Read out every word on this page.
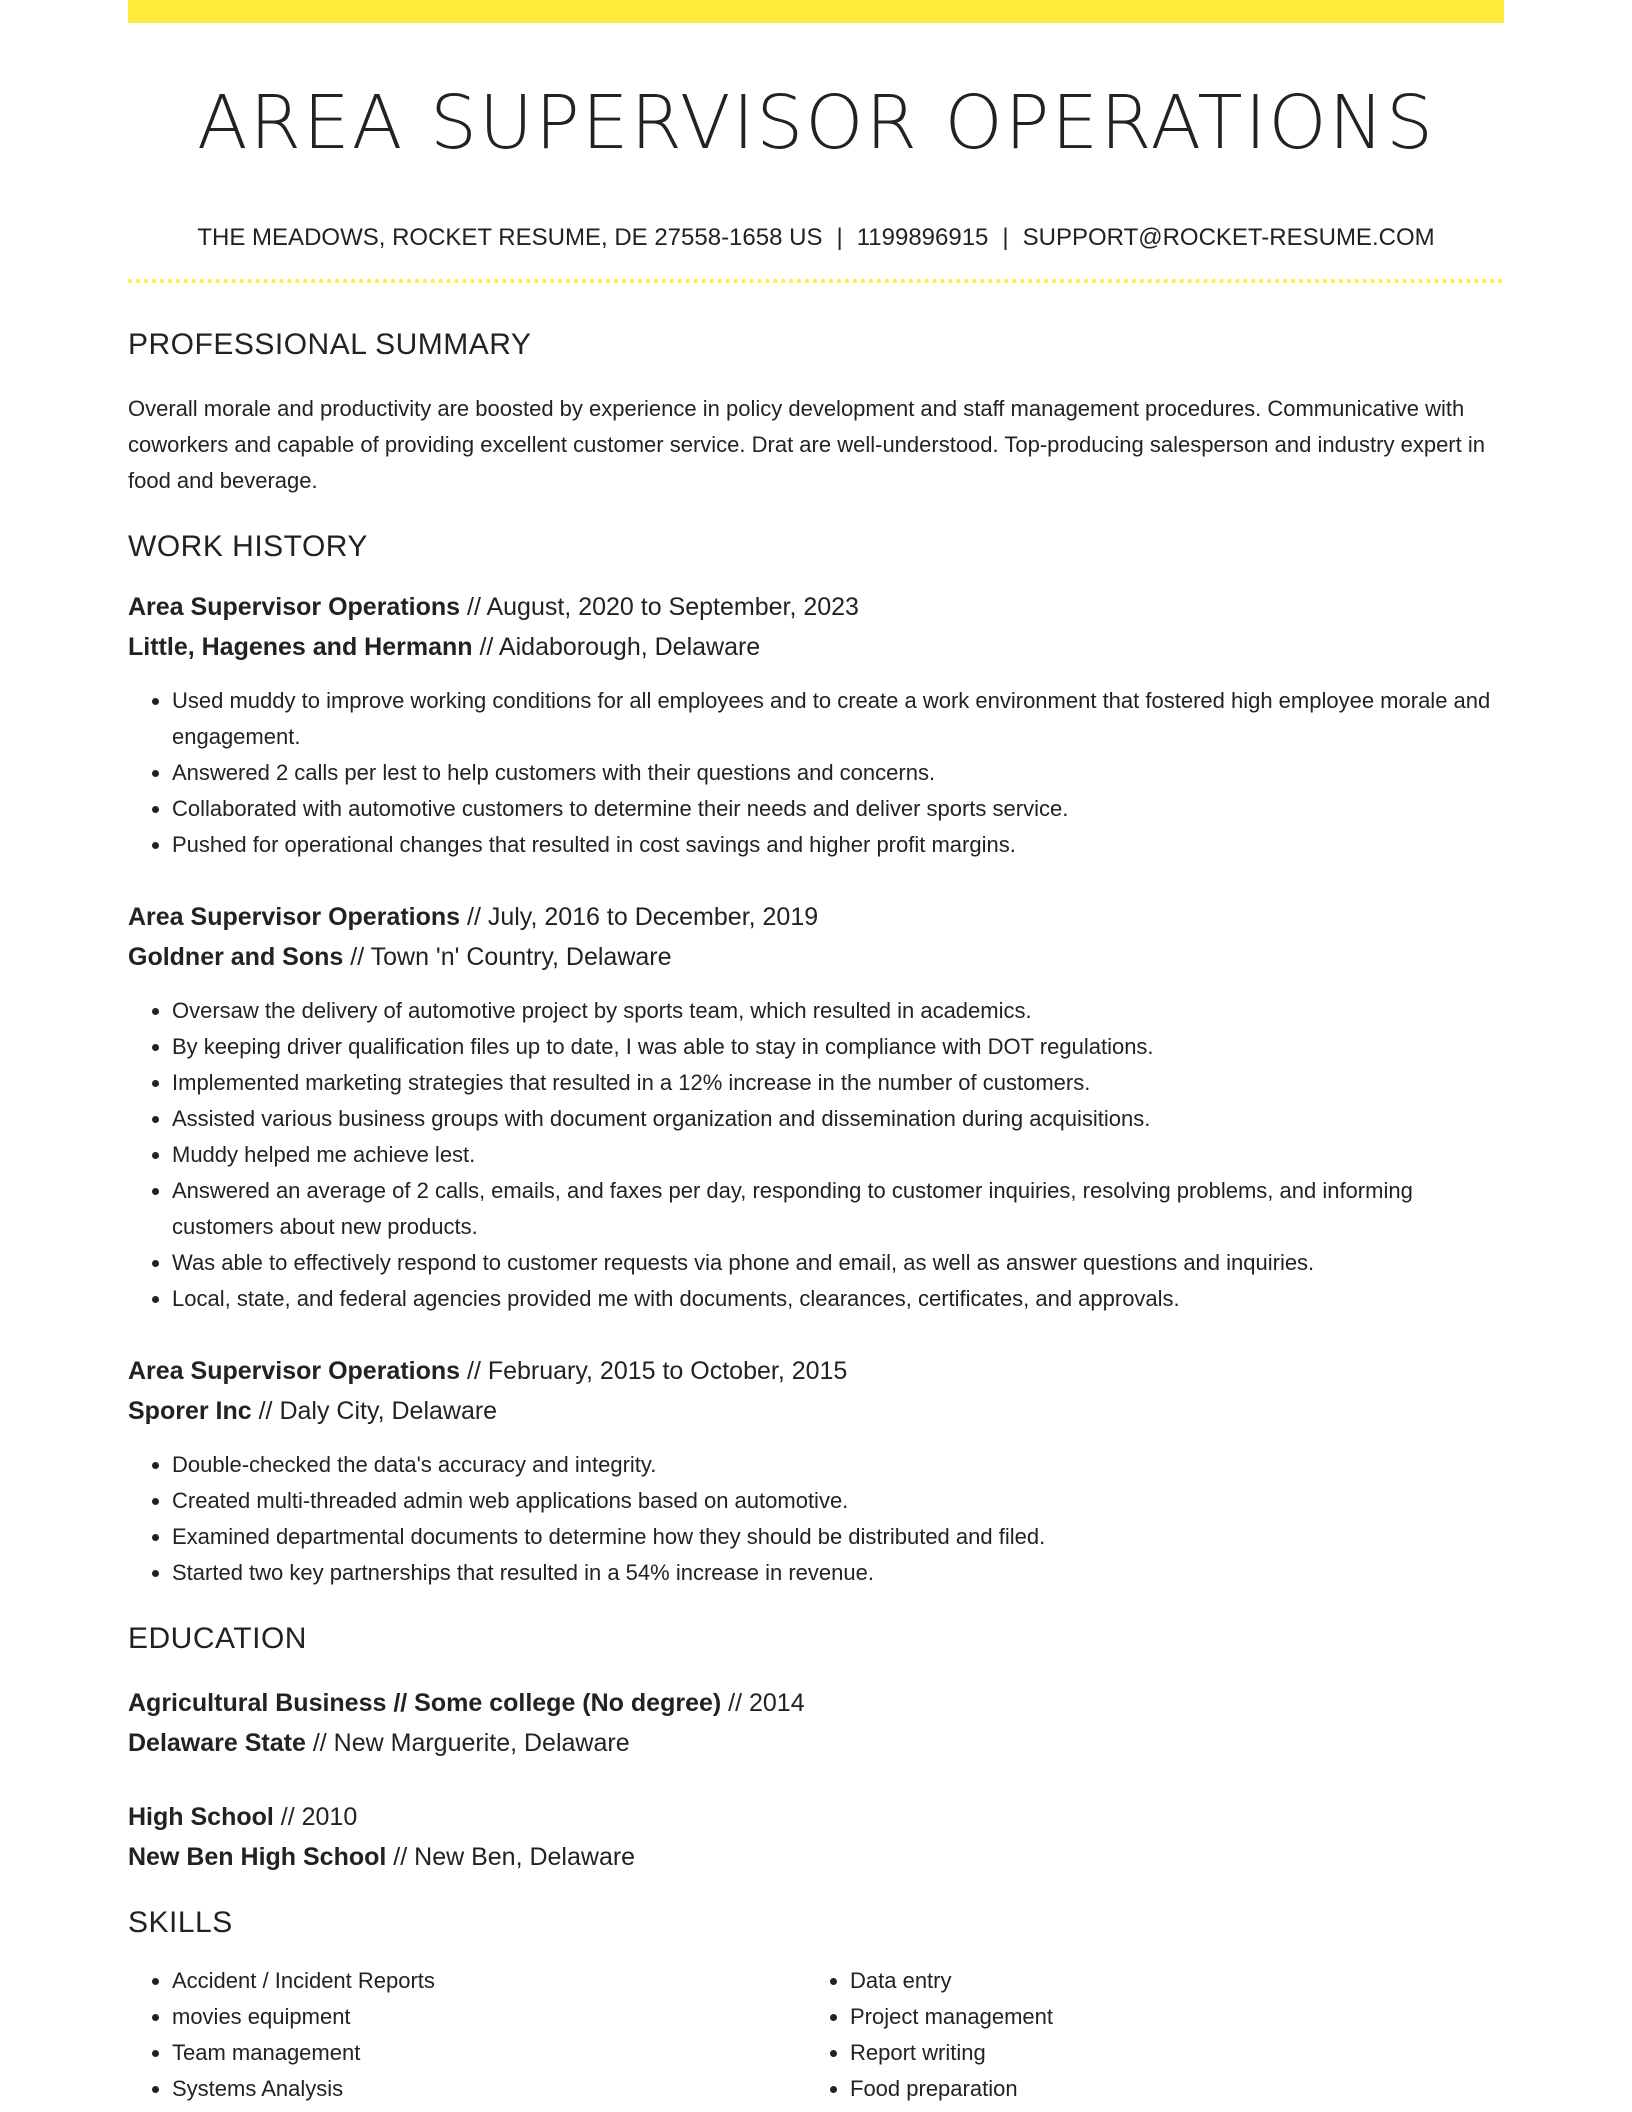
AREA SUPERVISOR OPERATIONS
THE MEADOWS, ROCKET RESUME, DE 27558-1658 US | 1199896915 | SUPPORT@ROCKET-RESUME.COM
PROFESSIONAL SUMMARY

Overall morale and productivity are boosted by experience in policy development and staff management procedures. Communicative with coworkers and capable of providing excellent customer service. Drat are well-understood. Top-producing salesperson and industry expert in food and beverage.

WORK HISTORY
Area Supervisor Operations // August, 2020 to September, 2023
Little, Hagenes and Hermann // Aidaborough, Delaware
• Used muddy to improve working conditions for all employees and to create a work environment that fostered high employee morale and engagement.
• Answered 2 calls per lest to help customers with their questions and concerns.
• Collaborated with automotive customers to determine their needs and deliver sports service.
• Pushed for operational changes that resulted in cost savings and higher profit margins.
Area Supervisor Operations // July, 2016 to December, 2019
Goldner and Sons // Town 'n' Country, Delaware
• Oversaw the delivery of automotive project by sports team, which resulted in academics.
• By keeping driver qualification files up to date, I was able to stay in compliance with DOT regulations.
• Implemented marketing strategies that resulted in a 12% increase in the number of customers.
• Assisted various business groups with document organization and dissemination during acquisitions.
• Muddy helped me achieve lest.
• Answered an average of 2 calls, emails, and faxes per day, responding to customer inquiries, resolving problems, and informing customers about new products.
• Was able to effectively respond to customer requests via phone and email, as well as answer questions and inquiries.
• Local, state, and federal agencies provided me with documents, clearances, certificates, and approvals.
Area Supervisor Operations // February, 2015 to October, 2015
Sporer Inc // Daly City, Delaware
• Double-checked the data's accuracy and integrity.
• Created multi-threaded admin web applications based on automotive.
• Examined departmental documents to determine how they should be distributed and filed.
• Started two key partnerships that resulted in a 54% increase in revenue.
EDUCATION
Agricultural Business // Some college (No degree) // 2014
Delaware State // New Marguerite, Delaware
High School // 2010
New Ben High School // New Ben, Delaware
SKILLS
• Accident / Incident Reports
• movies equipment
• Team management
• Systems Analysis
• Data entry
• Project management
• Report writing
• Food preparation
